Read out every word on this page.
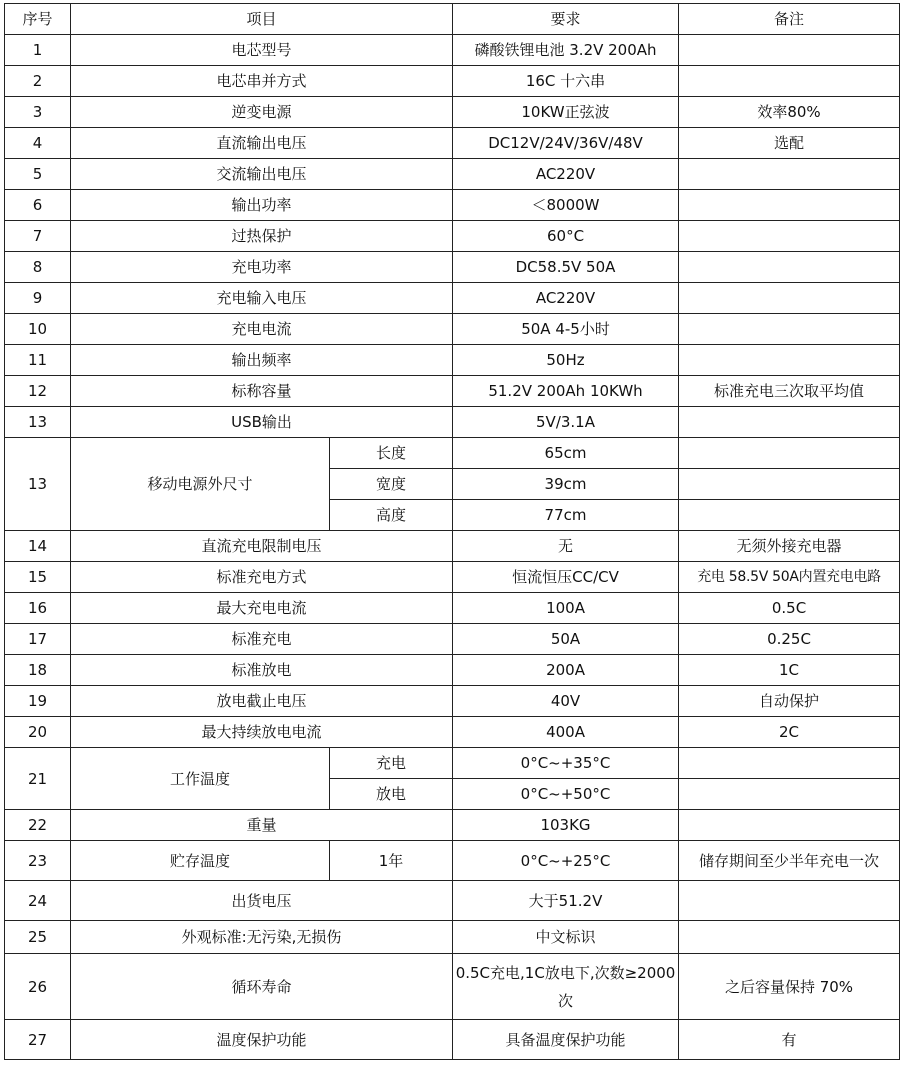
序号	项目		要求	备注
1	电芯型号		磷酸铁锂电池 3.2V 200Ah	
2	电芯串并方式		16C 十六串	
3	逆变电源		10KW正弦波	效率80%
4	直流输出电压		DC12V/24V/36V/48V	选配
5	交流输出电压		AC220V	
6	输出功率		＜8000W	
7	过热保护		60°C	
8	充电功率		DC58.5V 50A	
9	充电输入电压		AC220V	
10	充电电流		50A 4-5小时	
11	输出频率		50Hz	
12	标称容量		51.2V 200Ah 10KWh	标准充电三次取平均值
13	USB输出		5V/3.1A	
13	移动电源外尺寸	长度	65cm	
		宽度	39cm	
		高度	77cm	
14	直流充电限制电压		无	无须外接充电器
15	标准充电方式		恒流恒压CC/CV	充电 58.5V 50A内置充电电路
16	最大充电电流		100A	0.5C
17	标准充电		50A	0.25C
18	标准放电		200A	1C
19	放电截止电压		40V	自动保护
20	最大持续放电电流		400A	2C
21	工作温度	充电	0°C~+35°C	
		放电	0°C~+50°C	
22	重量		103KG	
23	贮存温度	1年	0°C~+25°C	储存期间至少半年充电一次
24	出货电压		大于51.2V	
25	外观标准:无污染,无损伤		中文标识	
26	循环寿命		0.5C充电,1C放电下,次数≥2000次	之后容量保持 70%
27	温度保护功能		具备温度保护功能	有
